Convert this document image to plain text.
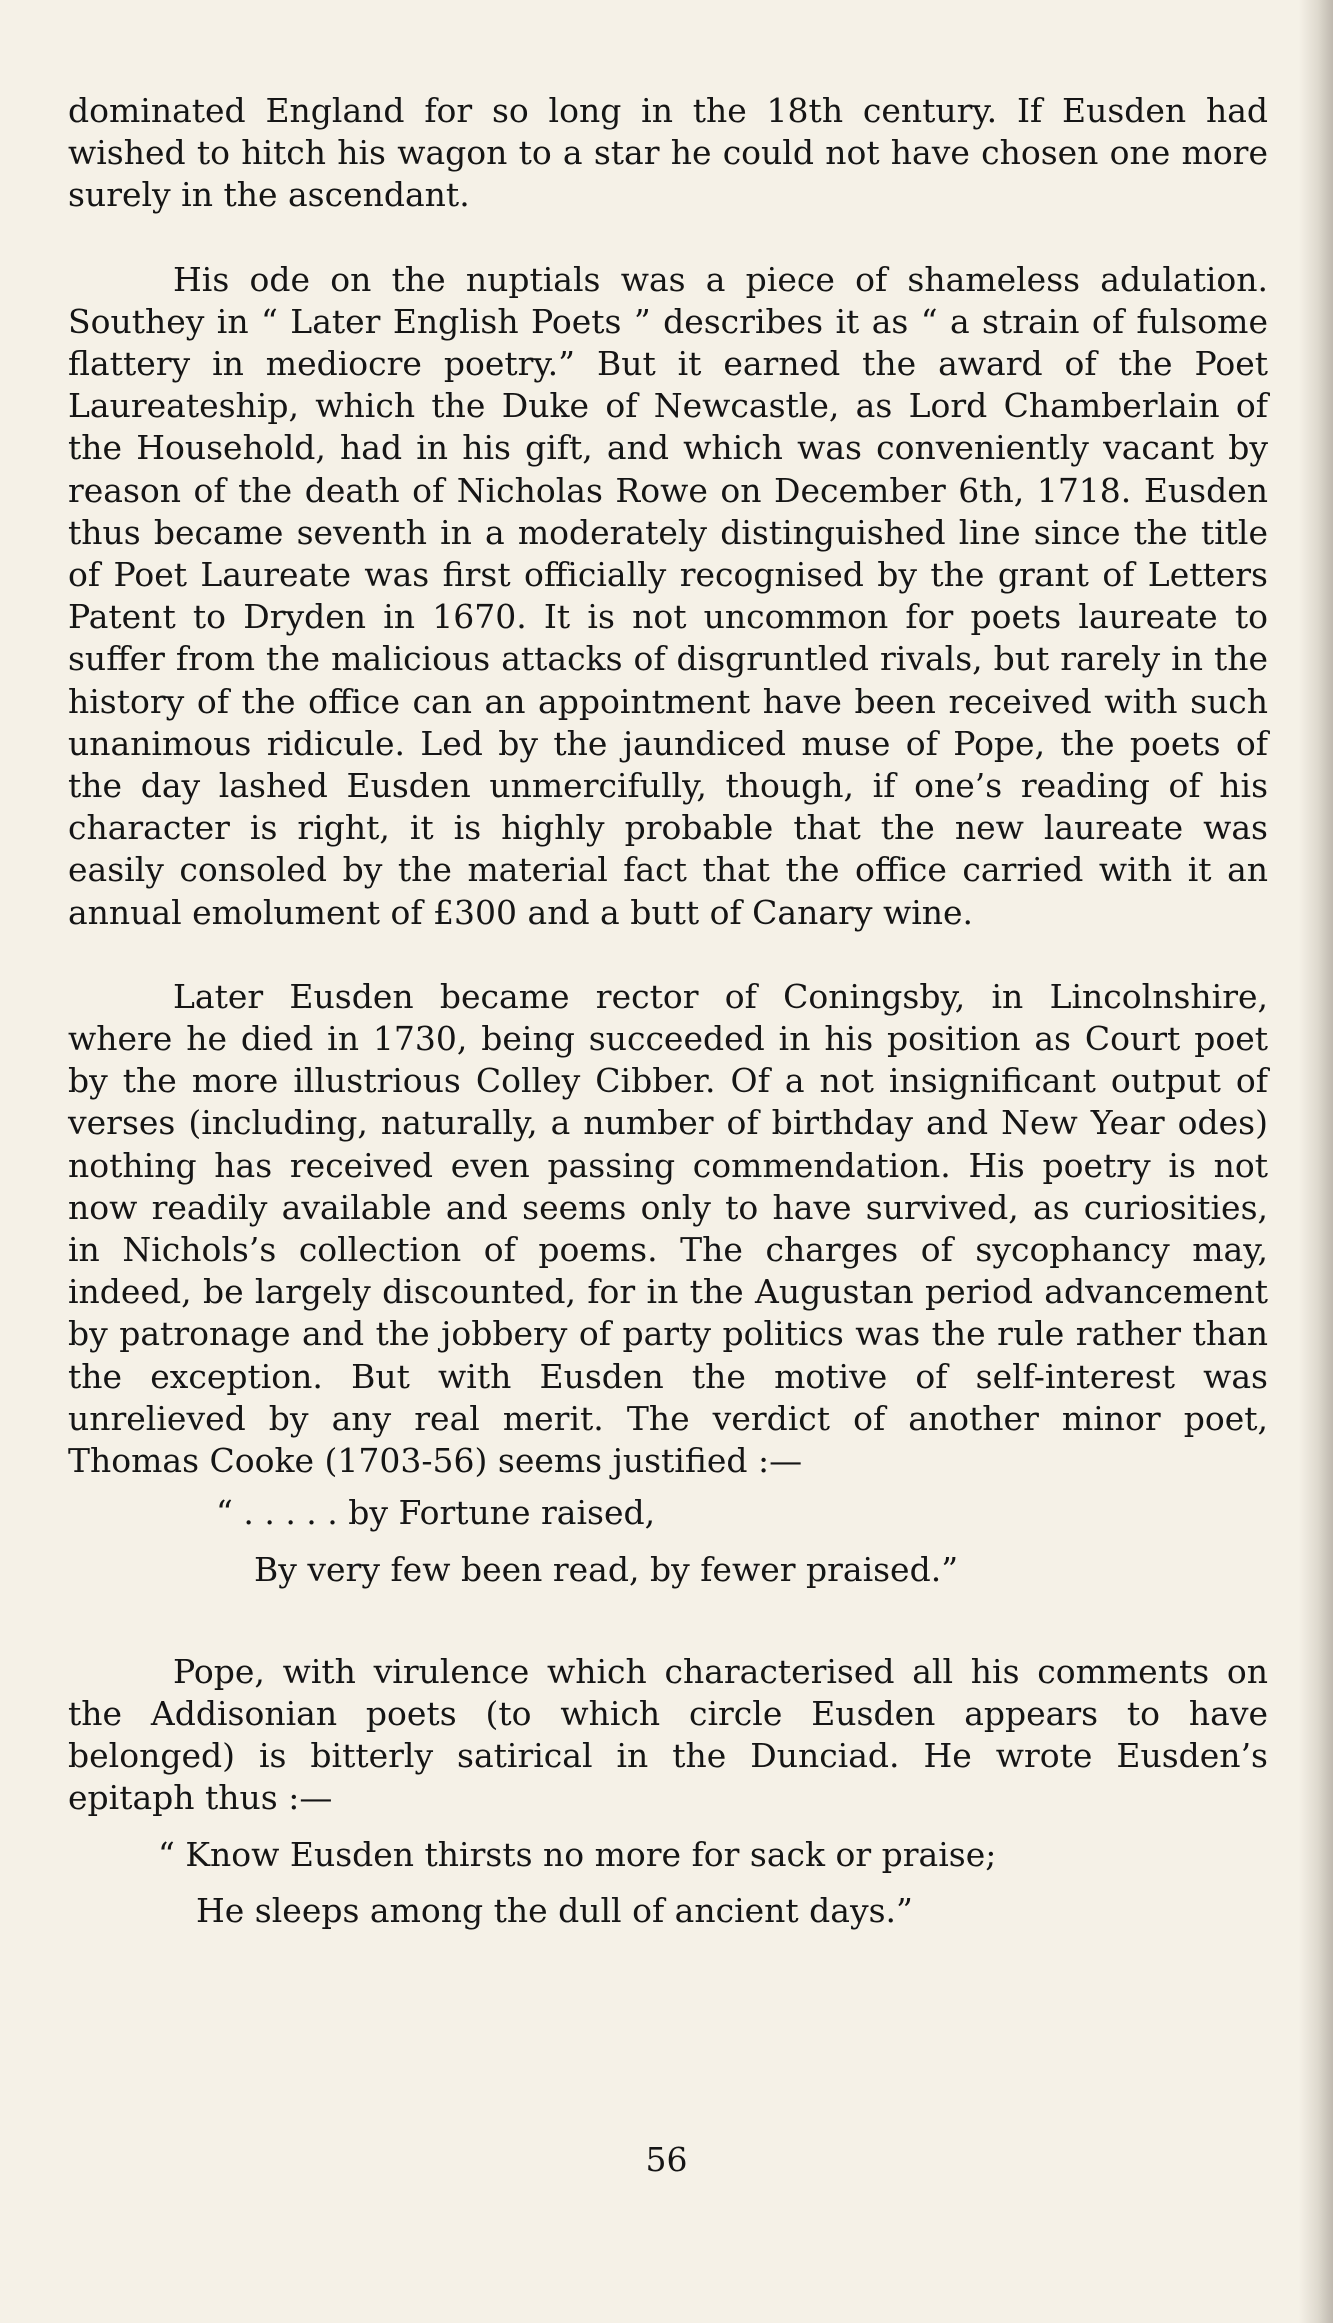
dominated England for so long in the 18th century. If Eusden had wished to hitch his wagon to a star he could not have chosen one more surely in the ascendant.

His ode on the nuptials was a piece of shameless adulation. Southey in “ Later English Poets ” describes it as “ a strain of fulsome flattery in mediocre poetry.” But it earned the award of the Poet Laureateship, which the Duke of Newcastle, as Lord Chamberlain of the Household, had in his gift, and which was conveniently vacant by reason of the death of Nicholas Rowe on December 6th, 1718. Eusden thus became seventh in a moderately distinguished line since the title of Poet Laureate was first officially recognised by the grant of Letters Patent to Dryden in 1670. It is not uncommon for poets laureate to suffer from the malicious attacks of disgruntled rivals, but rarely in the history of the office can an appointment have been received with such unanimous ridicule. Led by the jaundiced muse of Pope, the poets of the day lashed Eusden unmercifully, though, if one’s reading of his character is right, it is highly probable that the new laureate was easily consoled by the material fact that the office carried with it an annual emolument of £300 and a butt of Canary wine.

Later Eusden became rector of Coningsby, in Lincolnshire, where he died in 1730, being succeeded in his position as Court poet by the more illustrious Colley Cibber. Of a not insignificant output of verses (including, naturally, a number of birthday and New Year odes) nothing has received even passing commendation. His poetry is not now readily available and seems only to have survived, as curiosities, in Nichols’s collection of poems. The charges of sycophancy may, indeed, be largely discounted, for in the Augustan period advancement by patronage and the jobbery of party politics was the rule rather than the exception. But with Eusden the motive of self-interest was unrelieved by any real merit. The verdict of another minor poet, Thomas Cooke (1703-56) seems justified :—

“ . . . . . by Fortune raised,

By very few been read, by fewer praised.”

Pope, with virulence which characterised all his comments on the Addisonian poets (to which circle Eusden appears to have belonged) is bitterly satirical in the Dunciad. He wrote Eusden’s epitaph thus :—

“ Know Eusden thirsts no more for sack or praise;

He sleeps among the dull of ancient days.”

56
